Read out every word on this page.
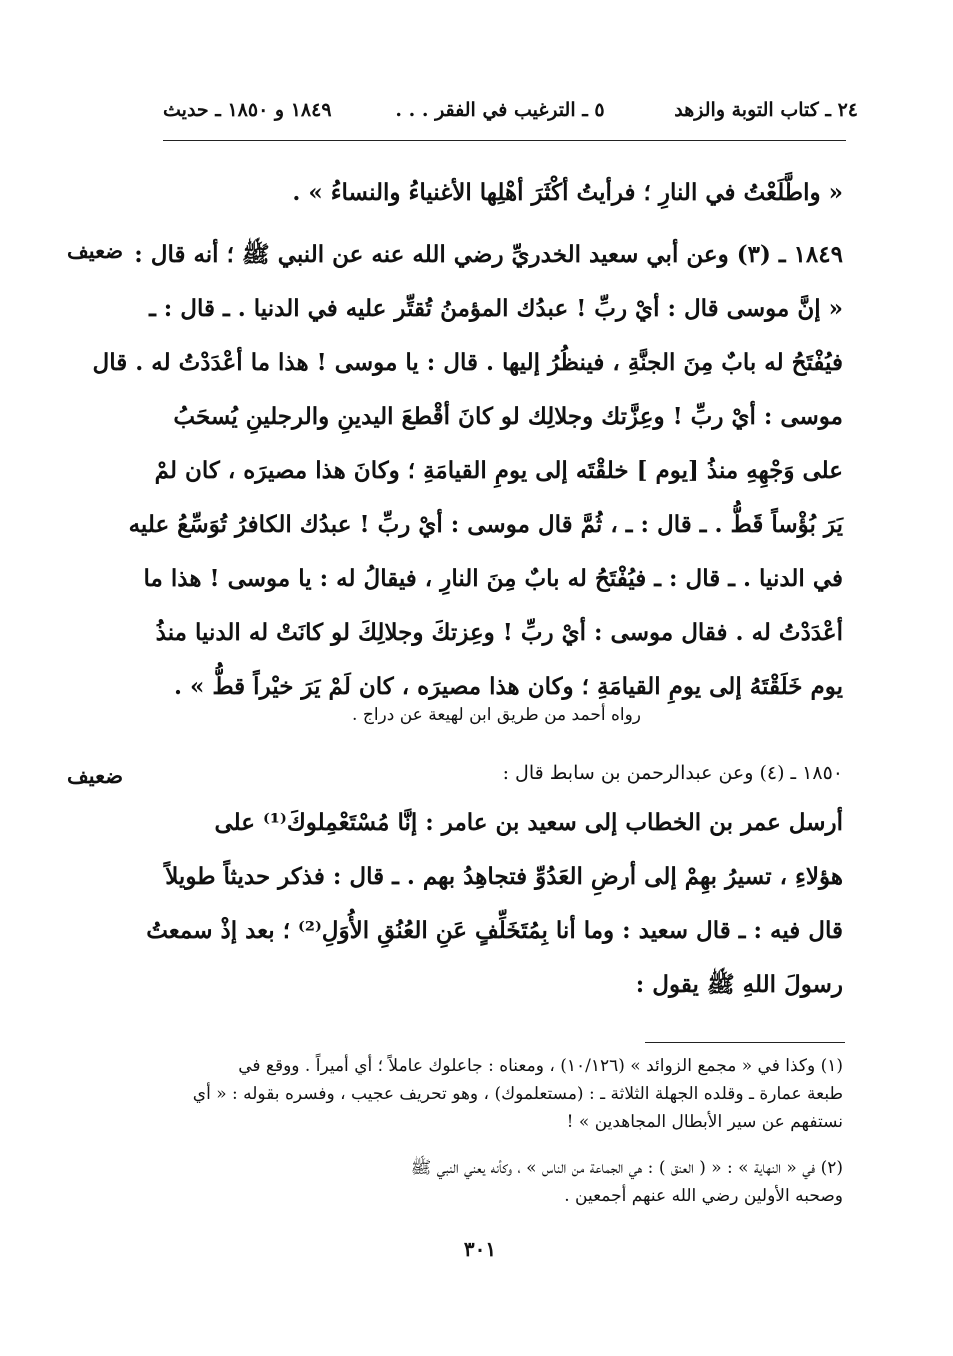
٢٤ ـ كتاب التوبة والزهد
٥ ـ الترغيب في الفقر . . .
١٨٤٩ و ١٨٥٠ ـ حديث
« واطَّلَعْتُ في النارِ ؛ فرأيتُ أكْثَرَ أهْلِها الأغنياءُ والنساءُ » .
ضعيف ١٨٤٩ ـ (٣) وعن أبي سعيد الخدريِّ رضي الله عنه عن النبي ﷺ ؛ أنه قال :
« إنَّ موسى قال : أيْ ربِّ ! عبدُك المؤمنُ تُقتِّر عليه في الدنيا . ـ قال : ـ
فيُفْتَحُ له بابٌ مِنَ الجنَّةِ ، فينظُرُ إليها . قال : يا موسى ! هذا ما أعْدَدْتُ له . قال
موسى : أيْ ربِّ ! وعِزَّتك وجلالِك لو كانَ أقْطعَ اليدينِ والرجلينِ يُسحَبُ
على وَجْهِهِ منذُ [يوم ] خلقْتَه إلى يومِ القيامَةِ ؛ وكانَ هذا مصيرَه ، كان لمْ
يَرَ بُؤْساً قَطُّ . ـ قال : ـ ، ثُمَّ قال موسى : أيْ ربِّ ! عبدُك الكافرُ تُوَسِّعُ عليه
في الدنيا . ـ قال : ـ فيُفْتَحُ له بابٌ مِنَ النارِ ، فيقالُ له : يا موسى ! هذا ما
أعْدَدْتُ له . فقال موسى : أيْ ربِّ ! وعِزتكَ وجلالِكَ لو كانَتْ له الدنيا منذُ
يوم خَلَقْتَهُ إلى يومِ القيامَةِ ؛ وكان هذا مصيرَه ، كان لَمْ يَرَ خيْراً قطُّ » .
رواه أحمد من طريق ابن لهيعة عن دراج .
ضعيف	١٨٥٠ ـ (٤) وعن عبدالرحمن بن سابط قال :
أرسل عمر بن الخطاب إلى سعيد بن عامر : إنَّا مُسْتَعْمِلوكَ⁽¹⁾ على
هؤلاءِ ، تسيرُ بهِمْ إلى أرضِ العَدُوِّ فتجاهِدُ بهم . ـ قال : فذكر حديثاً طويلاً
قال فيه : ـ قال سعيد : وما أنا بِمُتَخَلِّفٍ عَنِ العُنُقِ الأُوَلِ⁽²⁾ ؛ بعد إذْ سمعتُ
رسولَ اللهِ ﷺ يقول :
(١) وكذا في « مجمع الزوائد » (١٠/١٢٦) ، ومعناه : جاعلوك عاملاً ؛ أي أميراً . ووقع في
طبعة عمارة ـ وقلده الجهلة الثلاثة ـ : (مستعلموك) ، وهو تحريف عجيب ، وفسره بقوله : « أي
نستفهم عن سير الأبطال المجاهدين » !
(٢) في « النهاية » : « ( العنق ) : هي الجماعة من الناس » ، وكأنه يعني النبي ﷺ
وصحبه الأولين رضي الله عنهم أجمعين .
٣٠١
